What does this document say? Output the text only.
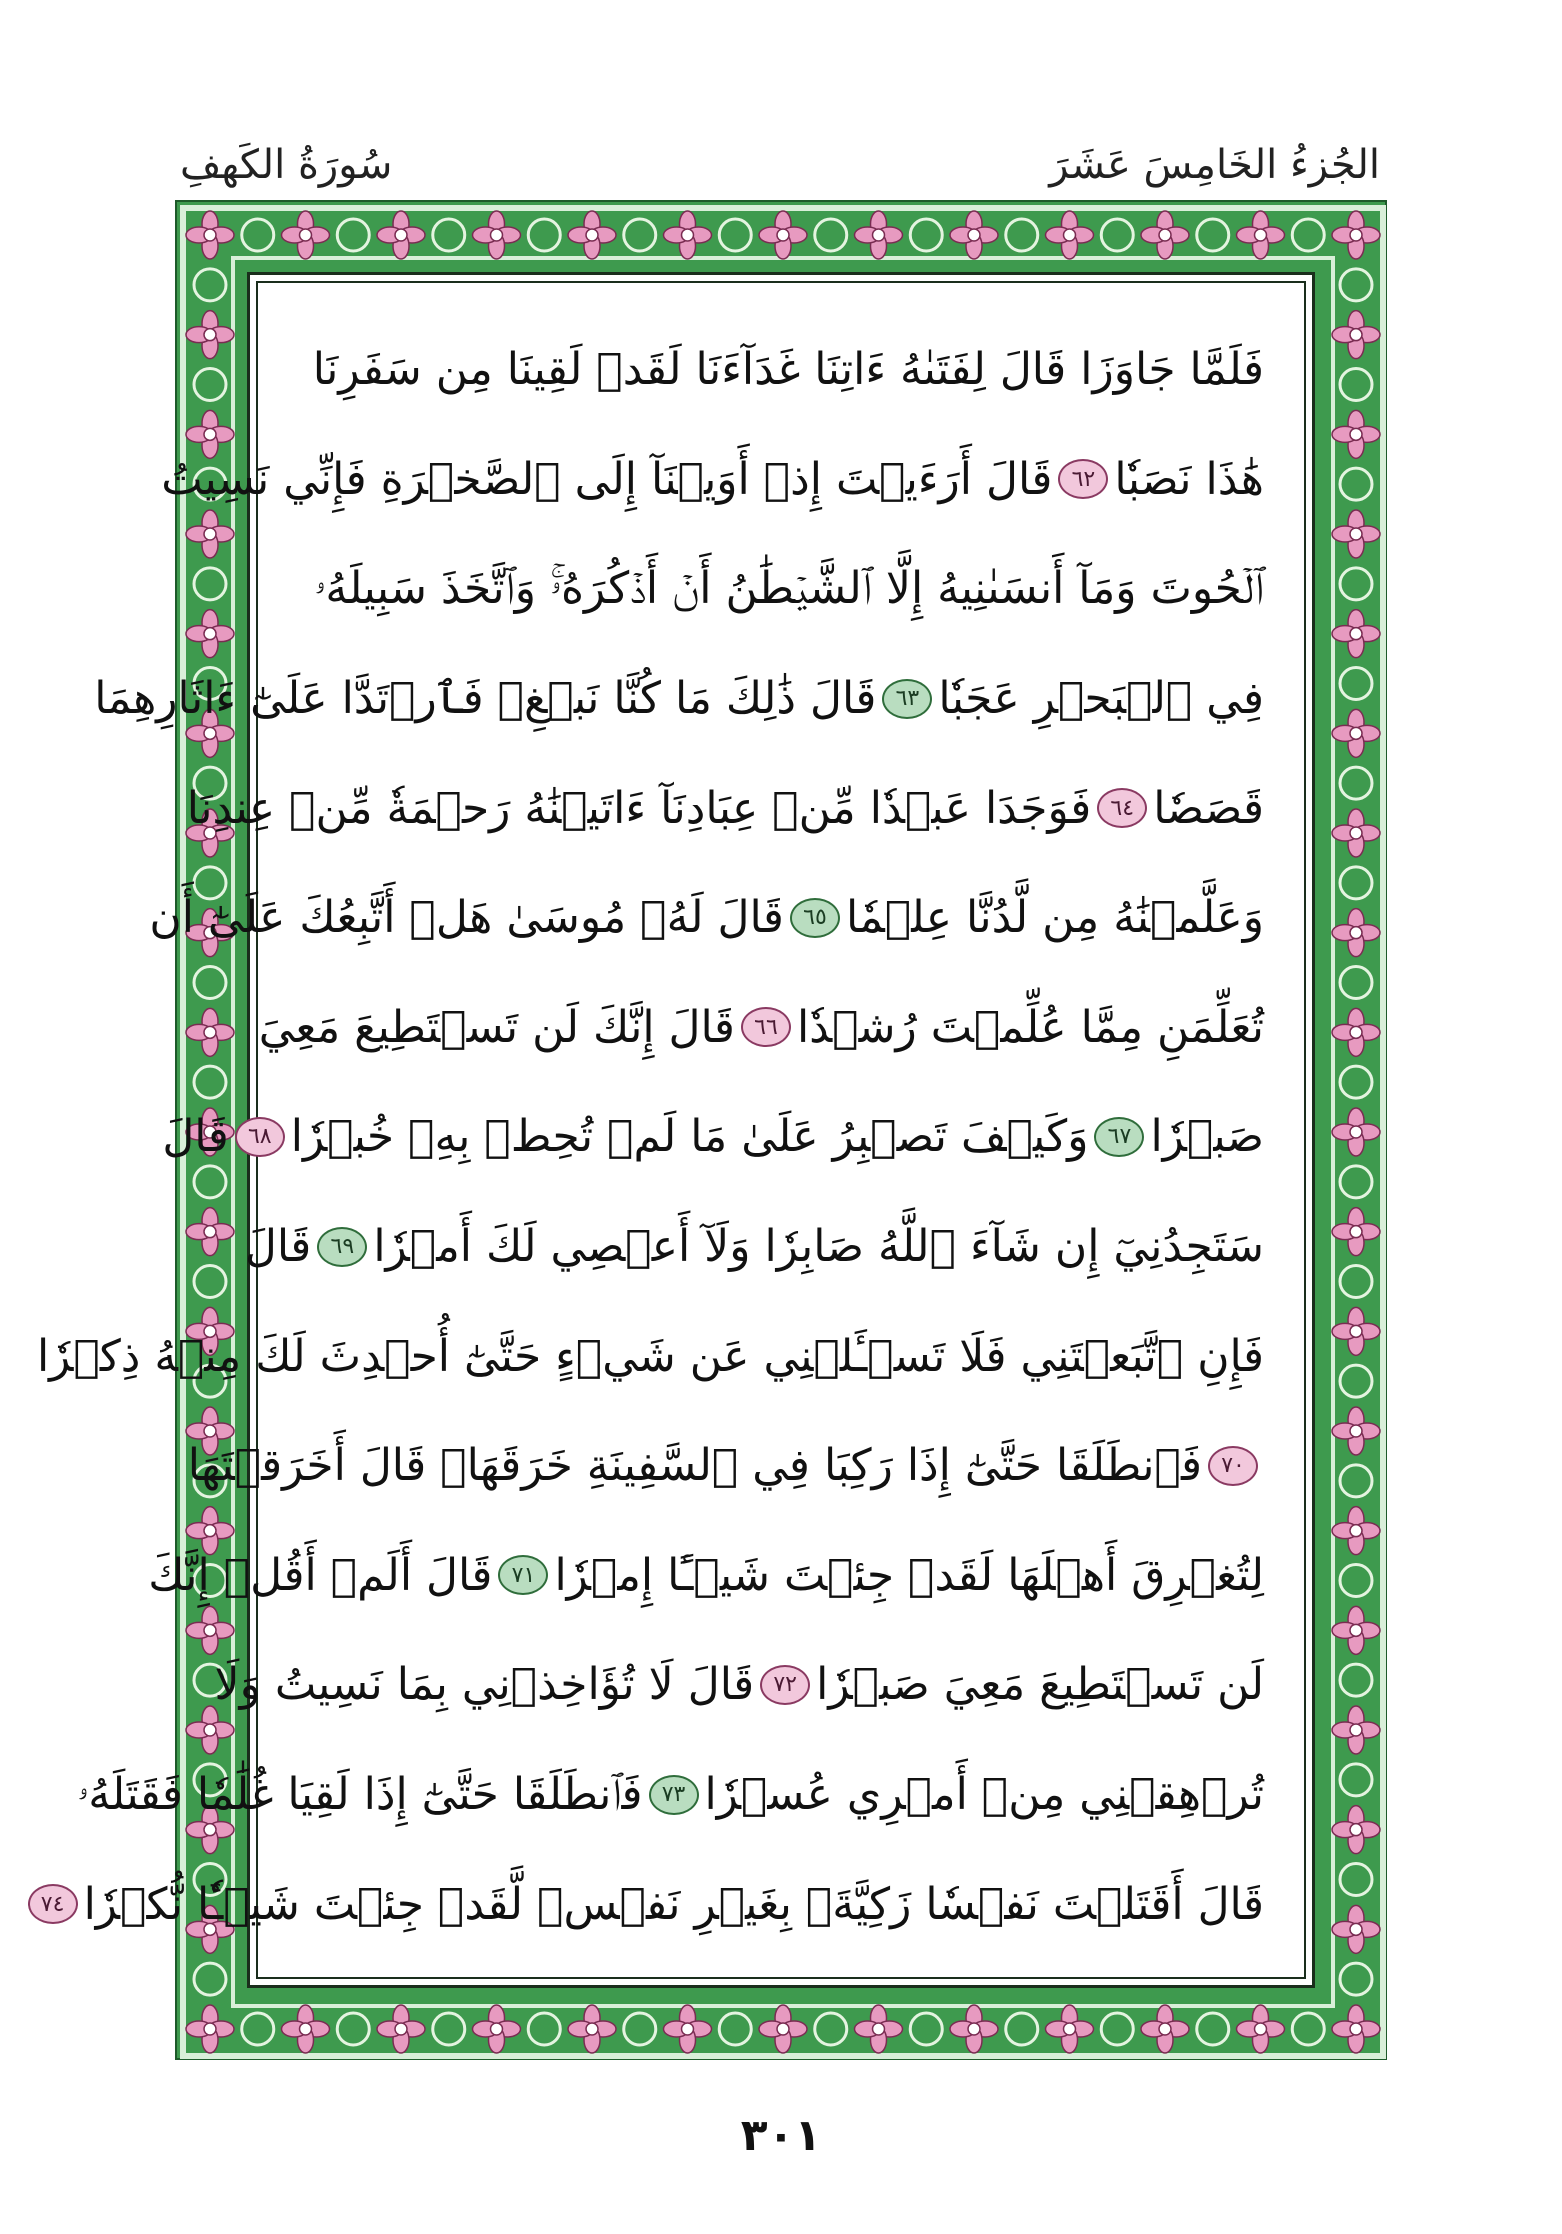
الجُزءُ الخَامِسَ عَشَرَ
سُورَةُ الكَهفِ
فَلَمَّا جَاوَزَا قَالَ لِفَتَىٰهُ ءَاتِنَا غَدَآءَنَا لَقَدۡ لَقِينَا مِن سَفَرِنَا
هَٰذَا نَصَبٗا
٦٢
قَالَ أَرَءَيۡتَ إِذۡ أَوَيۡنَآ إِلَى ٱلصَّخۡرَةِ فَإِنِّي نَسِيتُ
ٱلۡحُوتَ وَمَآ أَنسَىٰنِيهُ إِلَّا ٱلشَّيۡطَٰنُ أَنۡ أَذۡكُرَهُۥۚ وَٱتَّخَذَ سَبِيلَهُۥ
فِي ٱلۡبَحۡرِ عَجَبٗا
٦٣
قَالَ ذَٰلِكَ مَا كُنَّا نَبۡغِۚ فَٱرۡتَدَّا عَلَىٰٓ ءَاثَارِهِمَا
قَصَصٗا
٦٤
فَوَجَدَا عَبۡدٗا مِّنۡ عِبَادِنَآ ءَاتَيۡنَٰهُ رَحۡمَةٗ مِّنۡ عِندِنَا
وَعَلَّمۡنَٰهُ مِن لَّدُنَّا عِلۡمٗا
٦٥
قَالَ لَهُۥ مُوسَىٰ هَلۡ أَتَّبِعُكَ عَلَىٰٓ أَن
تُعَلِّمَنِ مِمَّا عُلِّمۡتَ رُشۡدٗا
٦٦
قَالَ إِنَّكَ لَن تَسۡتَطِيعَ مَعِيَ
صَبۡرٗا
٦٧
وَكَيۡفَ تَصۡبِرُ عَلَىٰ مَا لَمۡ تُحِطۡ بِهِۦ خُبۡرٗا
٦٨
قَالَ
سَتَجِدُنِيٓ إِن شَآءَ ٱللَّهُ صَابِرٗا وَلَآ أَعۡصِي لَكَ أَمۡرٗا
٦٩
قَالَ
فَإِنِ ٱتَّبَعۡتَنِي فَلَا تَسۡـَٔلۡنِي عَن شَيۡءٍ حَتَّىٰٓ أُحۡدِثَ لَكَ مِنۡهُ ذِكۡرٗا
٧٠
فَٱنطَلَقَا حَتَّىٰٓ إِذَا رَكِبَا فِي ٱلسَّفِينَةِ خَرَقَهَاۖ قَالَ أَخَرَقۡتَهَا
لِتُغۡرِقَ أَهۡلَهَا لَقَدۡ جِئۡتَ شَيۡـًٔا إِمۡرٗا
٧١
قَالَ أَلَمۡ أَقُلۡ إِنَّكَ
لَن تَسۡتَطِيعَ مَعِيَ صَبۡرٗا
٧٢
قَالَ لَا تُؤَاخِذۡنِي بِمَا نَسِيتُ وَلَا
تُرۡهِقۡنِي مِنۡ أَمۡرِي عُسۡرٗا
٧٣
فَٱنطَلَقَا حَتَّىٰٓ إِذَا لَقِيَا غُلَٰمٗا فَقَتَلَهُۥ
قَالَ أَقَتَلۡتَ نَفۡسٗا زَكِيَّةَۢ بِغَيۡرِ نَفۡسٖ لَّقَدۡ جِئۡتَ شَيۡـٔٗا نُّكۡرٗا
٧٤
٣٠١
